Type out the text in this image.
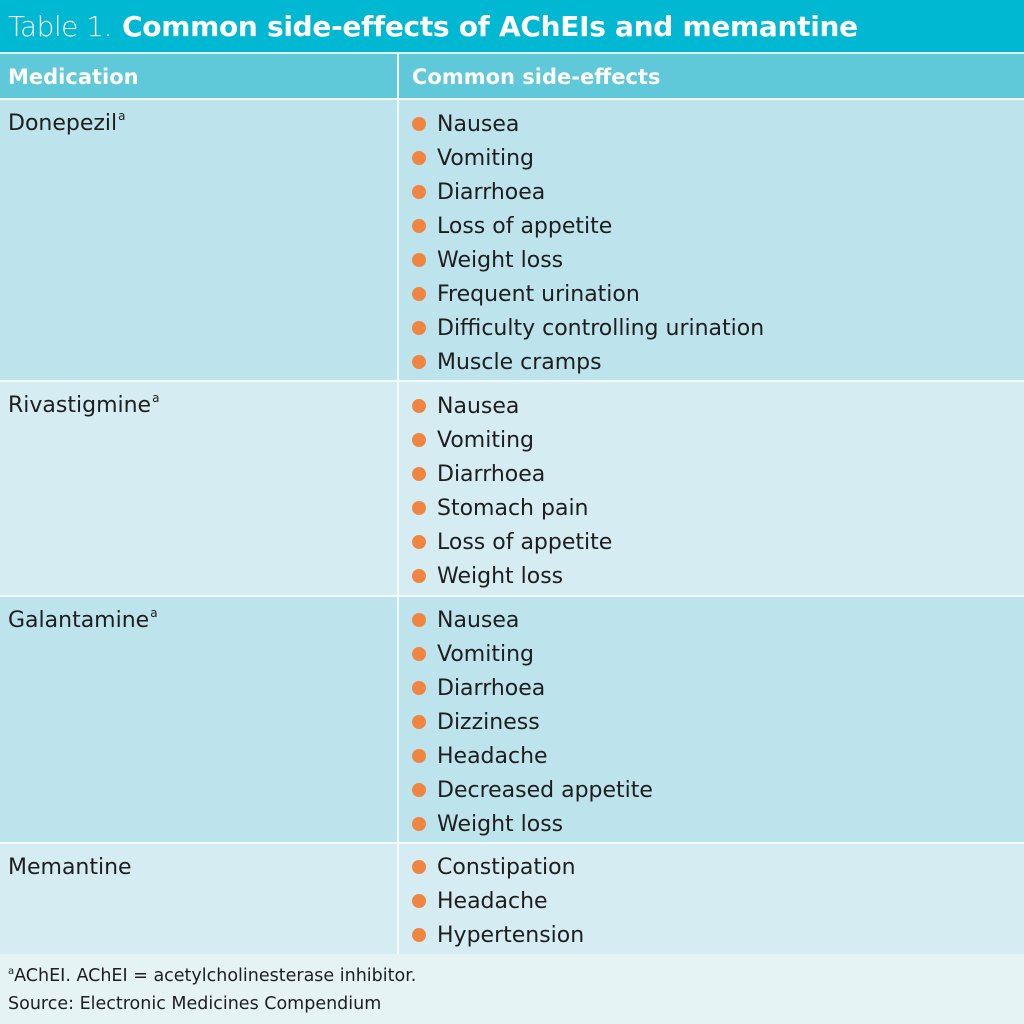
Table 1. Common side-effects of AChEIs and memantine
Medication	Common side-effects
Donepezil$^a$	Nausea
Vomiting
Diarrhoea
Loss of appetite
Weight loss
Frequent urination
Difficulty controlling urination
Muscle cramps
Rivastigmine$^a$	Nausea
Vomiting
Diarrhoea
Stomach pain
Loss of appetite
Weight loss
Galantamine$^a$	Nausea
Vomiting
Diarrhoea
Dizziness
Headache
Decreased appetite
Weight loss
Memantine	Constipation
Headache
Hypertension
$^a$AChEI. AChEI = acetylcholinesterase inhibitor.
Source: Electronic Medicines Compendium
